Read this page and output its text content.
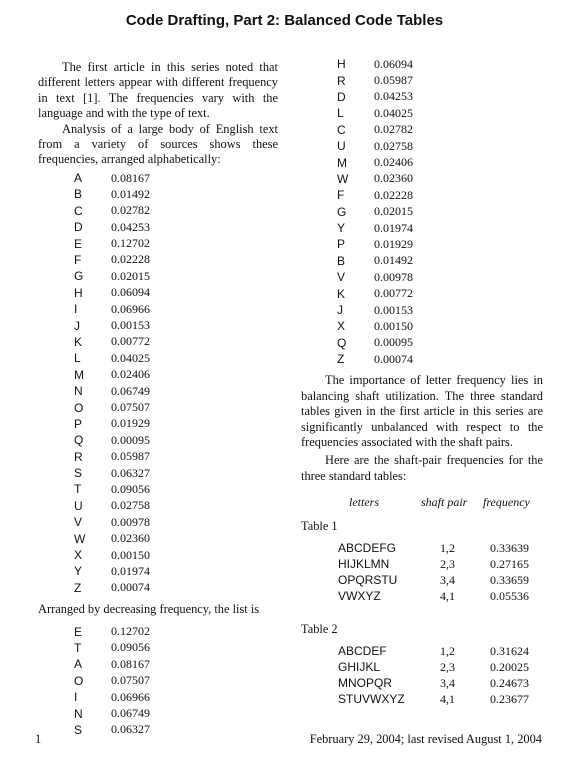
Code Drafting, Part 2: Balanced Code Tables

The first article in this series noted that different letters appear with different frequency in text [1]. The frequencies vary with the language and with the type of text.

Analysis of a large body of English text from a variety of sources shows these frequencies, arranged alphabetically:

A	0.08167
B	0.01492
C	0.02782
D	0.04253
E	0.12702
F	0.02228
G	0.02015
H	0.06094
I	0.06966
J	0.00153
K	0.00772
L	0.04025
M	0.02406
N	0.06749
O	0.07507
P	0.01929
Q	0.00095
R	0.05987
S	0.06327
T	0.09056
U	0.02758
V	0.00978
W	0.02360
X	0.00150
Y	0.01974
Z	0.00074

Arranged by decreasing frequency, the list is

E	0.12702
T	0.09056
A	0.08167
O	0.07507
I	0.06966
N	0.06749
S	0.06327
H	0.06094
R	0.05987
D	0.04253
L	0.04025
C	0.02782
U	0.02758
M	0.02406
W	0.02360
F	0.02228
G	0.02015
Y	0.01974
P	0.01929
B	0.01492
V	0.00978
K	0.00772
J	0.00153
X	0.00150
Q	0.00095
Z	0.00074

The importance of letter frequency lies in balancing shaft utilization. The three standard tables given in the first article in this series are significantly unbalanced with respect to the frequencies associated with the shaft pairs.

Here are the shaft-pair frequencies for the three standard tables:

letters	shaft pair	frequency
Table 1
ABCDEFG	1,2	0.33639
HIJKLMN	2,3	0.27165
OPQRSTU	3,4	0.33659
VWXYZ	4,1	0.05536
Table 2
ABCDEF	1,2	0.31624
GHIJKL	2,3	0.20025
MNOPQR	3,4	0.24673
STUVWXYZ	4,1	0.23677
1	February 29, 2004; last revised August 1, 2004
